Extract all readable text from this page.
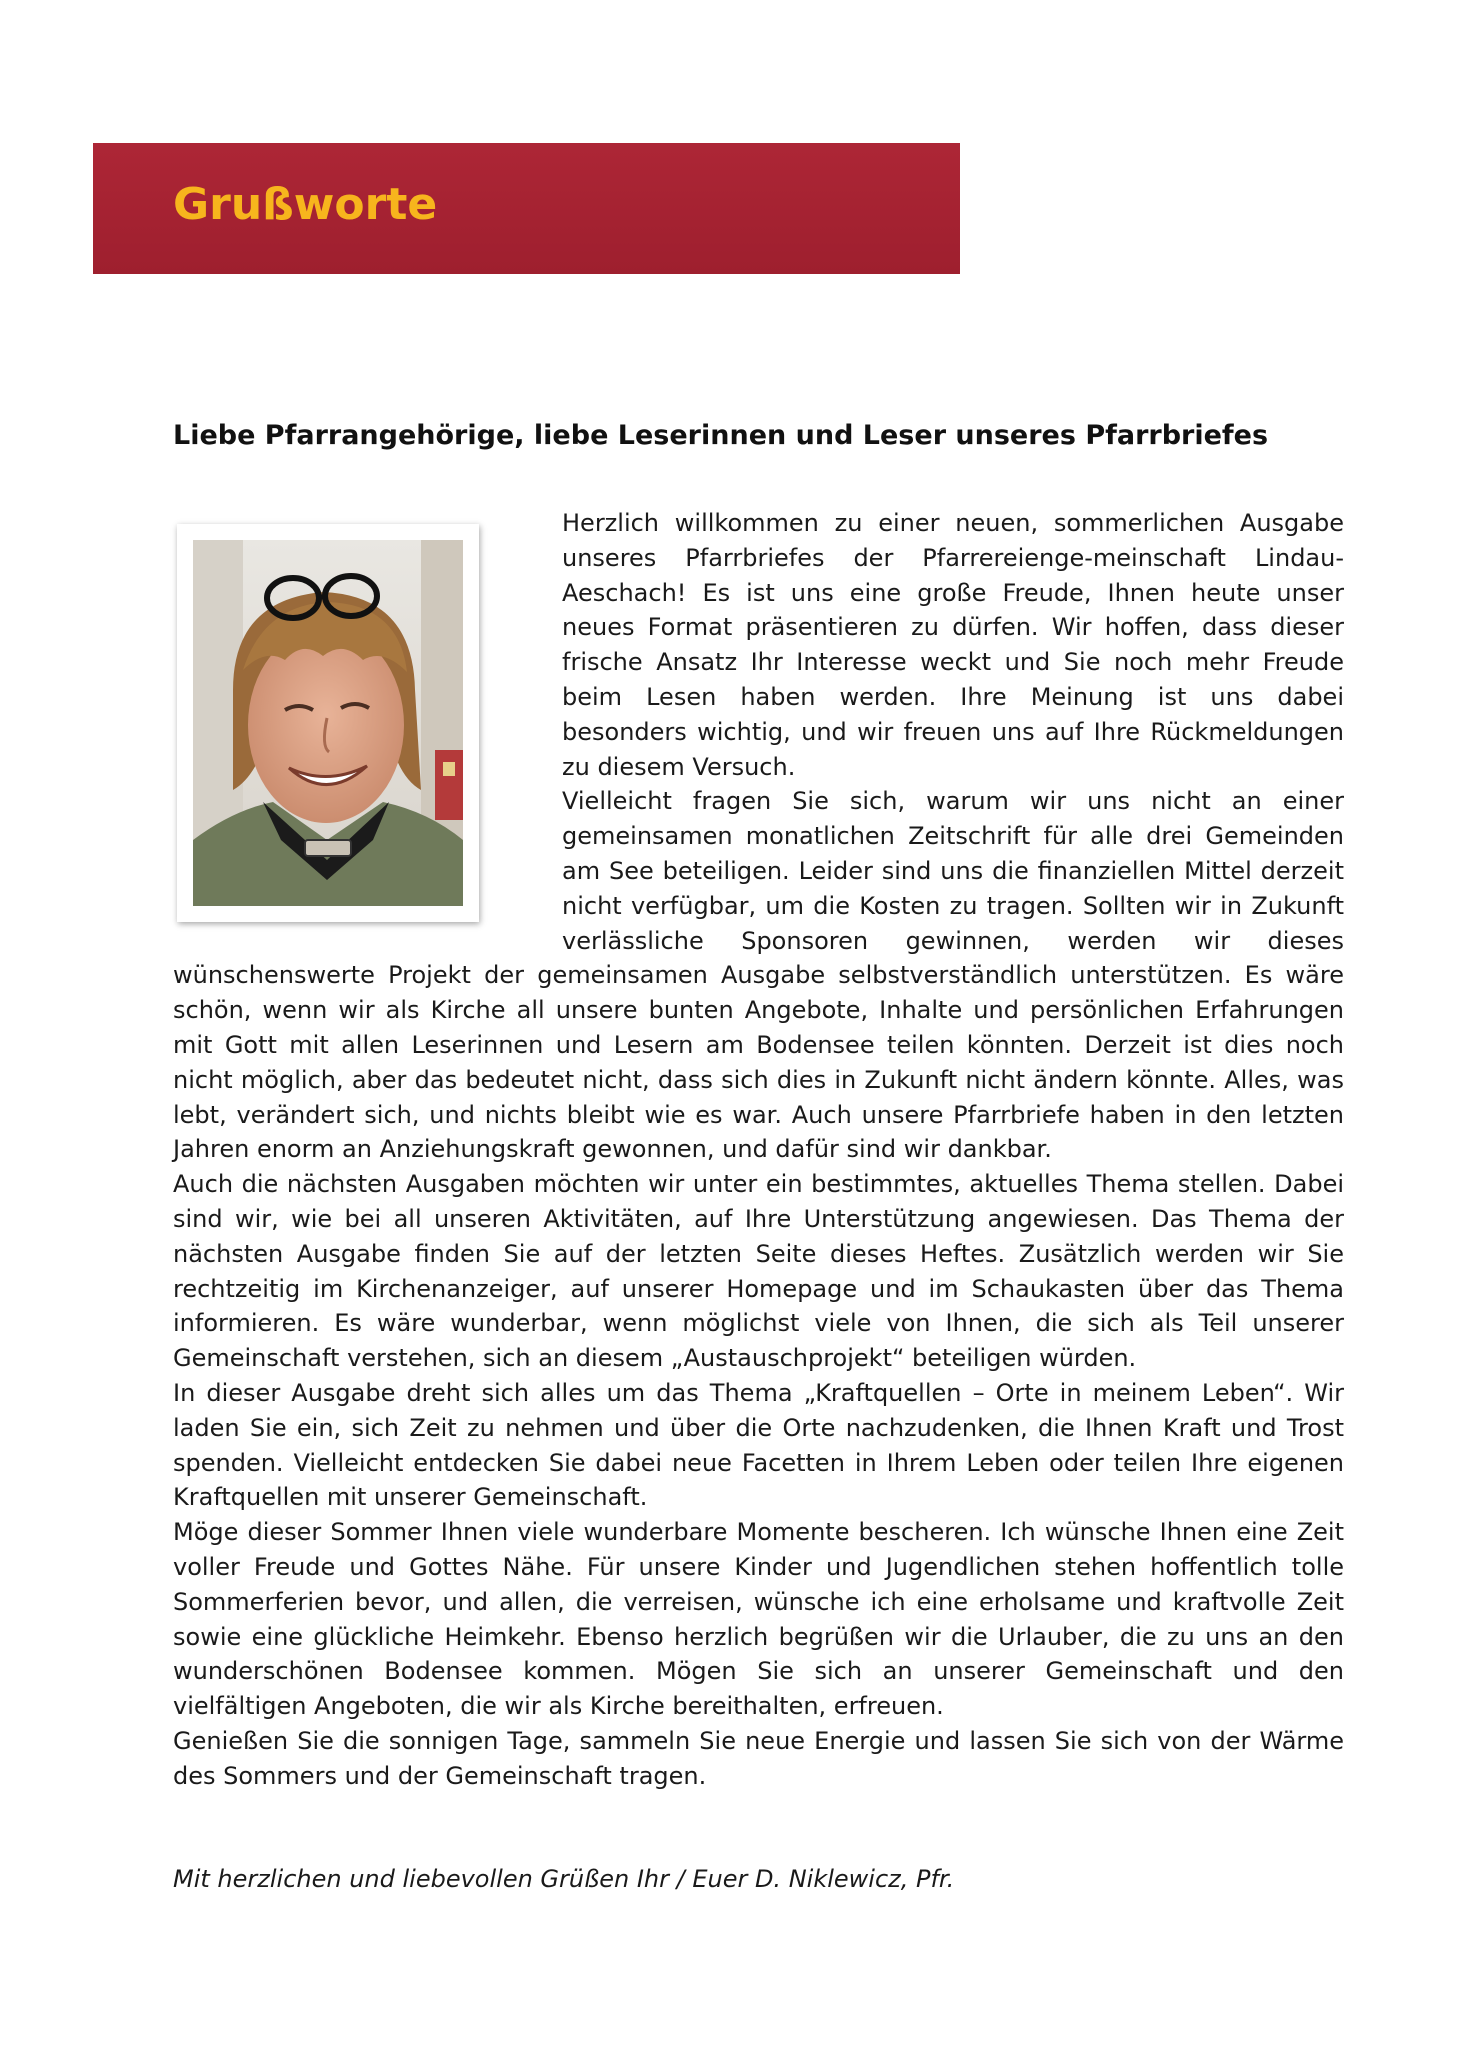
Grußworte
Liebe Pfarrangehörige, liebe Leserinnen und Leser unseres Pfarrbriefes

Herzlich willkommen zu einer neuen, sommerlichen Ausgabe unseres Pfarrbriefes der Pfarrereienge-meinschaft Lindau-Aeschach! Es ist uns eine große Freude, Ihnen heute unser neues Format präsentieren zu dürfen. Wir hoffen, dass dieser frische Ansatz Ihr Interesse weckt und Sie noch mehr Freude beim Lesen haben werden. Ihre Meinung ist uns dabei besonders wichtig, und wir freuen uns auf Ihre Rückmeldungen zu diesem Versuch.

Vielleicht fragen Sie sich, warum wir uns nicht an einer gemeinsamen monatlichen Zeitschrift für alle drei Gemeinden am See beteiligen. Leider sind uns die finanziellen Mittel derzeit nicht verfügbar, um die Kosten zu tragen. Sollten wir in Zukunft verlässliche Sponsoren gewinnen, werden wir dieses wünschenswerte Projekt der gemeinsamen Ausgabe selbstverständlich unterstützen. Es wäre schön, wenn wir als Kirche all unsere bunten Angebote, Inhalte und persönlichen Erfahrungen mit Gott mit allen Leserinnen und Lesern am Bodensee teilen könnten. Derzeit ist dies noch nicht möglich, aber das bedeutet nicht, dass sich dies in Zukunft nicht ändern könnte. Alles, was lebt, verändert sich, und nichts bleibt wie es war. Auch unsere Pfarrbriefe haben in den letzten Jahren enorm an Anziehungskraft gewonnen, und dafür sind wir dankbar.

Auch die nächsten Ausgaben möchten wir unter ein bestimmtes, aktuelles Thema stellen. Dabei sind wir, wie bei all unseren Aktivitäten, auf Ihre Unterstützung angewiesen. Das Thema der nächsten Ausgabe finden Sie auf der letzten Seite dieses Heftes. Zusätzlich werden wir Sie rechtzeitig im Kirchenanzeiger, auf unserer Homepage und im Schaukasten über das Thema informieren. Es wäre wunderbar, wenn möglichst viele von Ihnen, die sich als Teil unserer Gemeinschaft verstehen, sich an diesem „Austauschprojekt“ beteiligen würden.

In dieser Ausgabe dreht sich alles um das Thema „Kraftquellen – Orte in meinem Leben“. Wir laden Sie ein, sich Zeit zu nehmen und über die Orte nachzudenken, die Ihnen Kraft und Trost spenden. Vielleicht entdecken Sie dabei neue Facetten in Ihrem Leben oder teilen Ihre eigenen Kraftquellen mit unserer Gemeinschaft.

Möge dieser Sommer Ihnen viele wunderbare Momente bescheren. Ich wünsche Ihnen eine Zeit voller Freude und Gottes Nähe. Für unsere Kinder und Jugendlichen stehen hoffentlich tolle Sommerferien bevor, und allen, die verreisen, wünsche ich eine erholsame und kraftvolle Zeit sowie eine glückliche Heimkehr. Ebenso herzlich begrüßen wir die Urlauber, die zu uns an den wunderschönen Bodensee kommen. Mögen Sie sich an unserer Gemeinschaft und den vielfältigen Angeboten, die wir als Kirche bereithalten, erfreuen.

Genießen Sie die sonnigen Tage, sammeln Sie neue Energie und lassen Sie sich von der Wärme des Sommers und der Gemeinschaft tragen.

Mit herzlichen und liebevollen Grüßen Ihr / Euer D. Niklewicz, Pfr.
